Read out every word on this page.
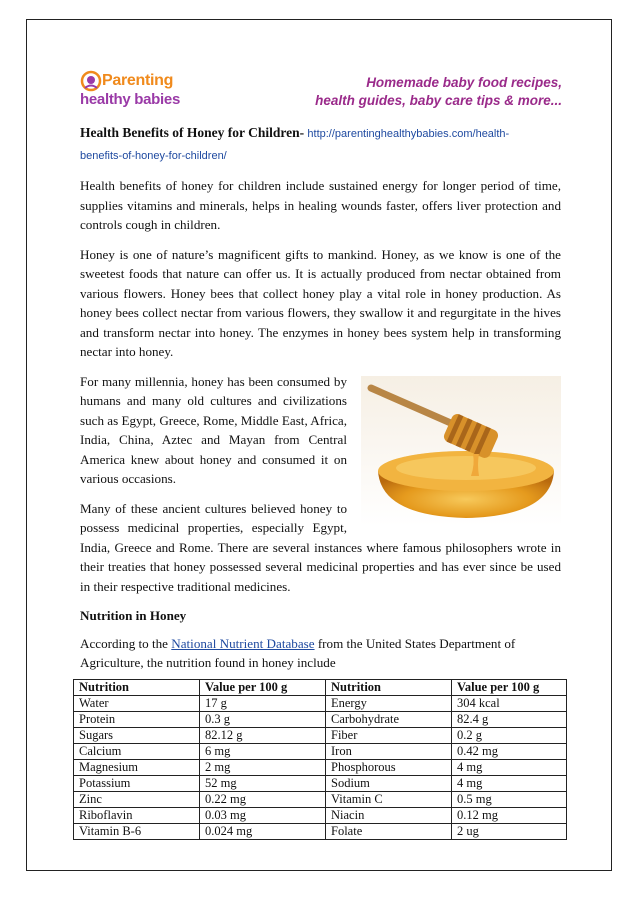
Parenting
healthy babies
Homemade baby food recipes,
health guides, baby care tips & more...
Health Benefits of Honey for Children- http://parentinghealthybabies.com/health-
benefits-of-honey-for-children/

Health benefits of honey for children include sustained energy for longer period of time, supplies vitamins and minerals, helps in healing wounds faster, offers liver protection and controls cough in children.

Honey is one of nature’s magnificent gifts to mankind. Honey, as we know is one of the sweetest foods that nature can offer us. It is actually produced from nectar obtained from various flowers. Honey bees that collect honey play a vital role in honey production. As honey bees collect nectar from various flowers, they swallow it and regurgitate in the hives and transform nectar into honey. The enzymes in honey bees system help in transforming nectar into honey.

For many millennia, honey has been consumed by humans and many old cultures and civilizations such as Egypt, Greece, Rome, Middle East, Africa, India, China, Aztec and Mayan from Central America knew about honey and consumed it on various occasions.

Many of these ancient cultures believed honey to possess medicinal properties, especially Egypt, India, Greece and Rome. There are several instances where famous philosophers wrote in their treaties that honey possessed several medicinal properties and has ever since be used in their respective traditional medicines.

Nutrition in Honey
According to the National Nutrient Database from the United States Department of Agriculture, the nutrition found in honey include
Nutrition	Value per 100 g	Nutrition	Value per 100 g
Water	17 g	Energy	304 kcal
Protein	0.3 g	Carbohydrate	82.4 g
Sugars	82.12 g	Fiber	0.2 g
Calcium	6 mg	Iron	0.42 mg
Magnesium	2 mg	Phosphorous	4 mg
Potassium	52 mg	Sodium	4 mg
Zinc	0.22 mg	Vitamin C	0.5 mg
Riboflavin	0.03 mg	Niacin	0.12 mg
Vitamin B-6	0.024 mg	Folate	2 ug
